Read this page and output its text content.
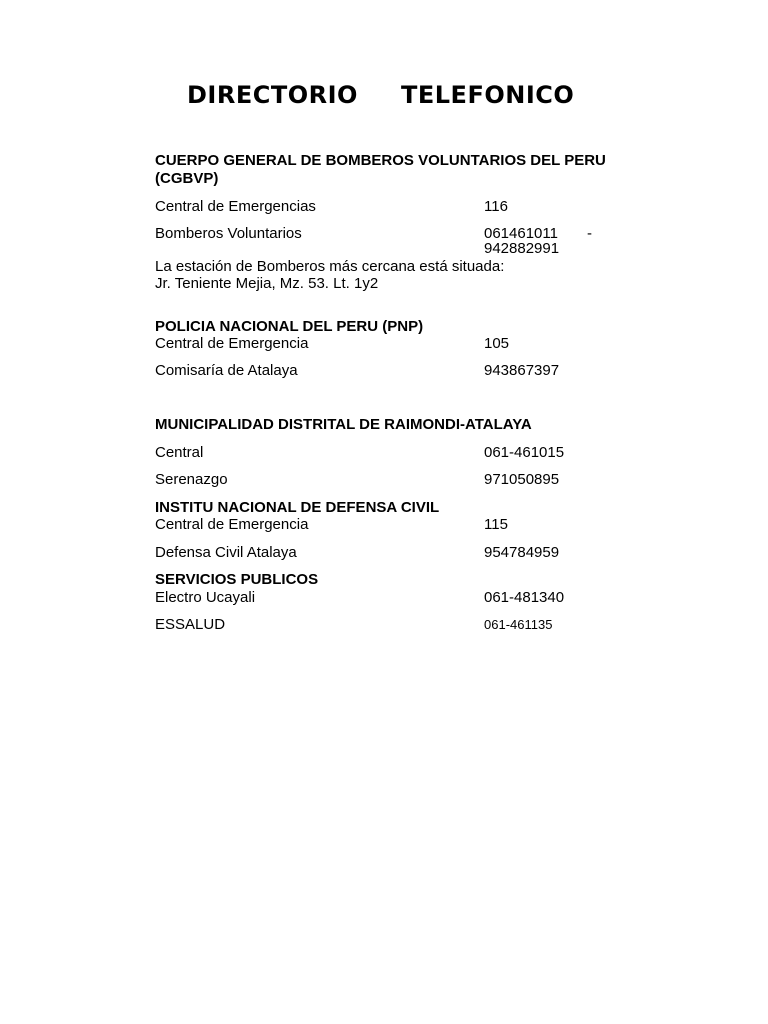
DIRECTORIO TELEFONICO
CUERPO GENERAL DE BOMBEROS VOLUNTARIOS DEL PERU
(CGBVP)
Central de Emergencias	116
Bomberos Voluntarios	061461011 -
942882991
La estación de Bomberos más cercana está situada:
Jr. Teniente Mejia, Mz. 53. Lt. 1y2
POLICIA NACIONAL DEL PERU (PNP)
Central de Emergencia	105
Comisaría de Atalaya	943867397
MUNICIPALIDAD DISTRITAL DE RAIMONDI-ATALAYA
Central	061-461015
Serenazgo	971050895
INSTITU NACIONAL DE DEFENSA CIVIL
Central de Emergencia	115
Defensa Civil Atalaya	954784959
SERVICIOS PUBLICOS
Electro Ucayali	061-481340
ESSALUD	061-461135
